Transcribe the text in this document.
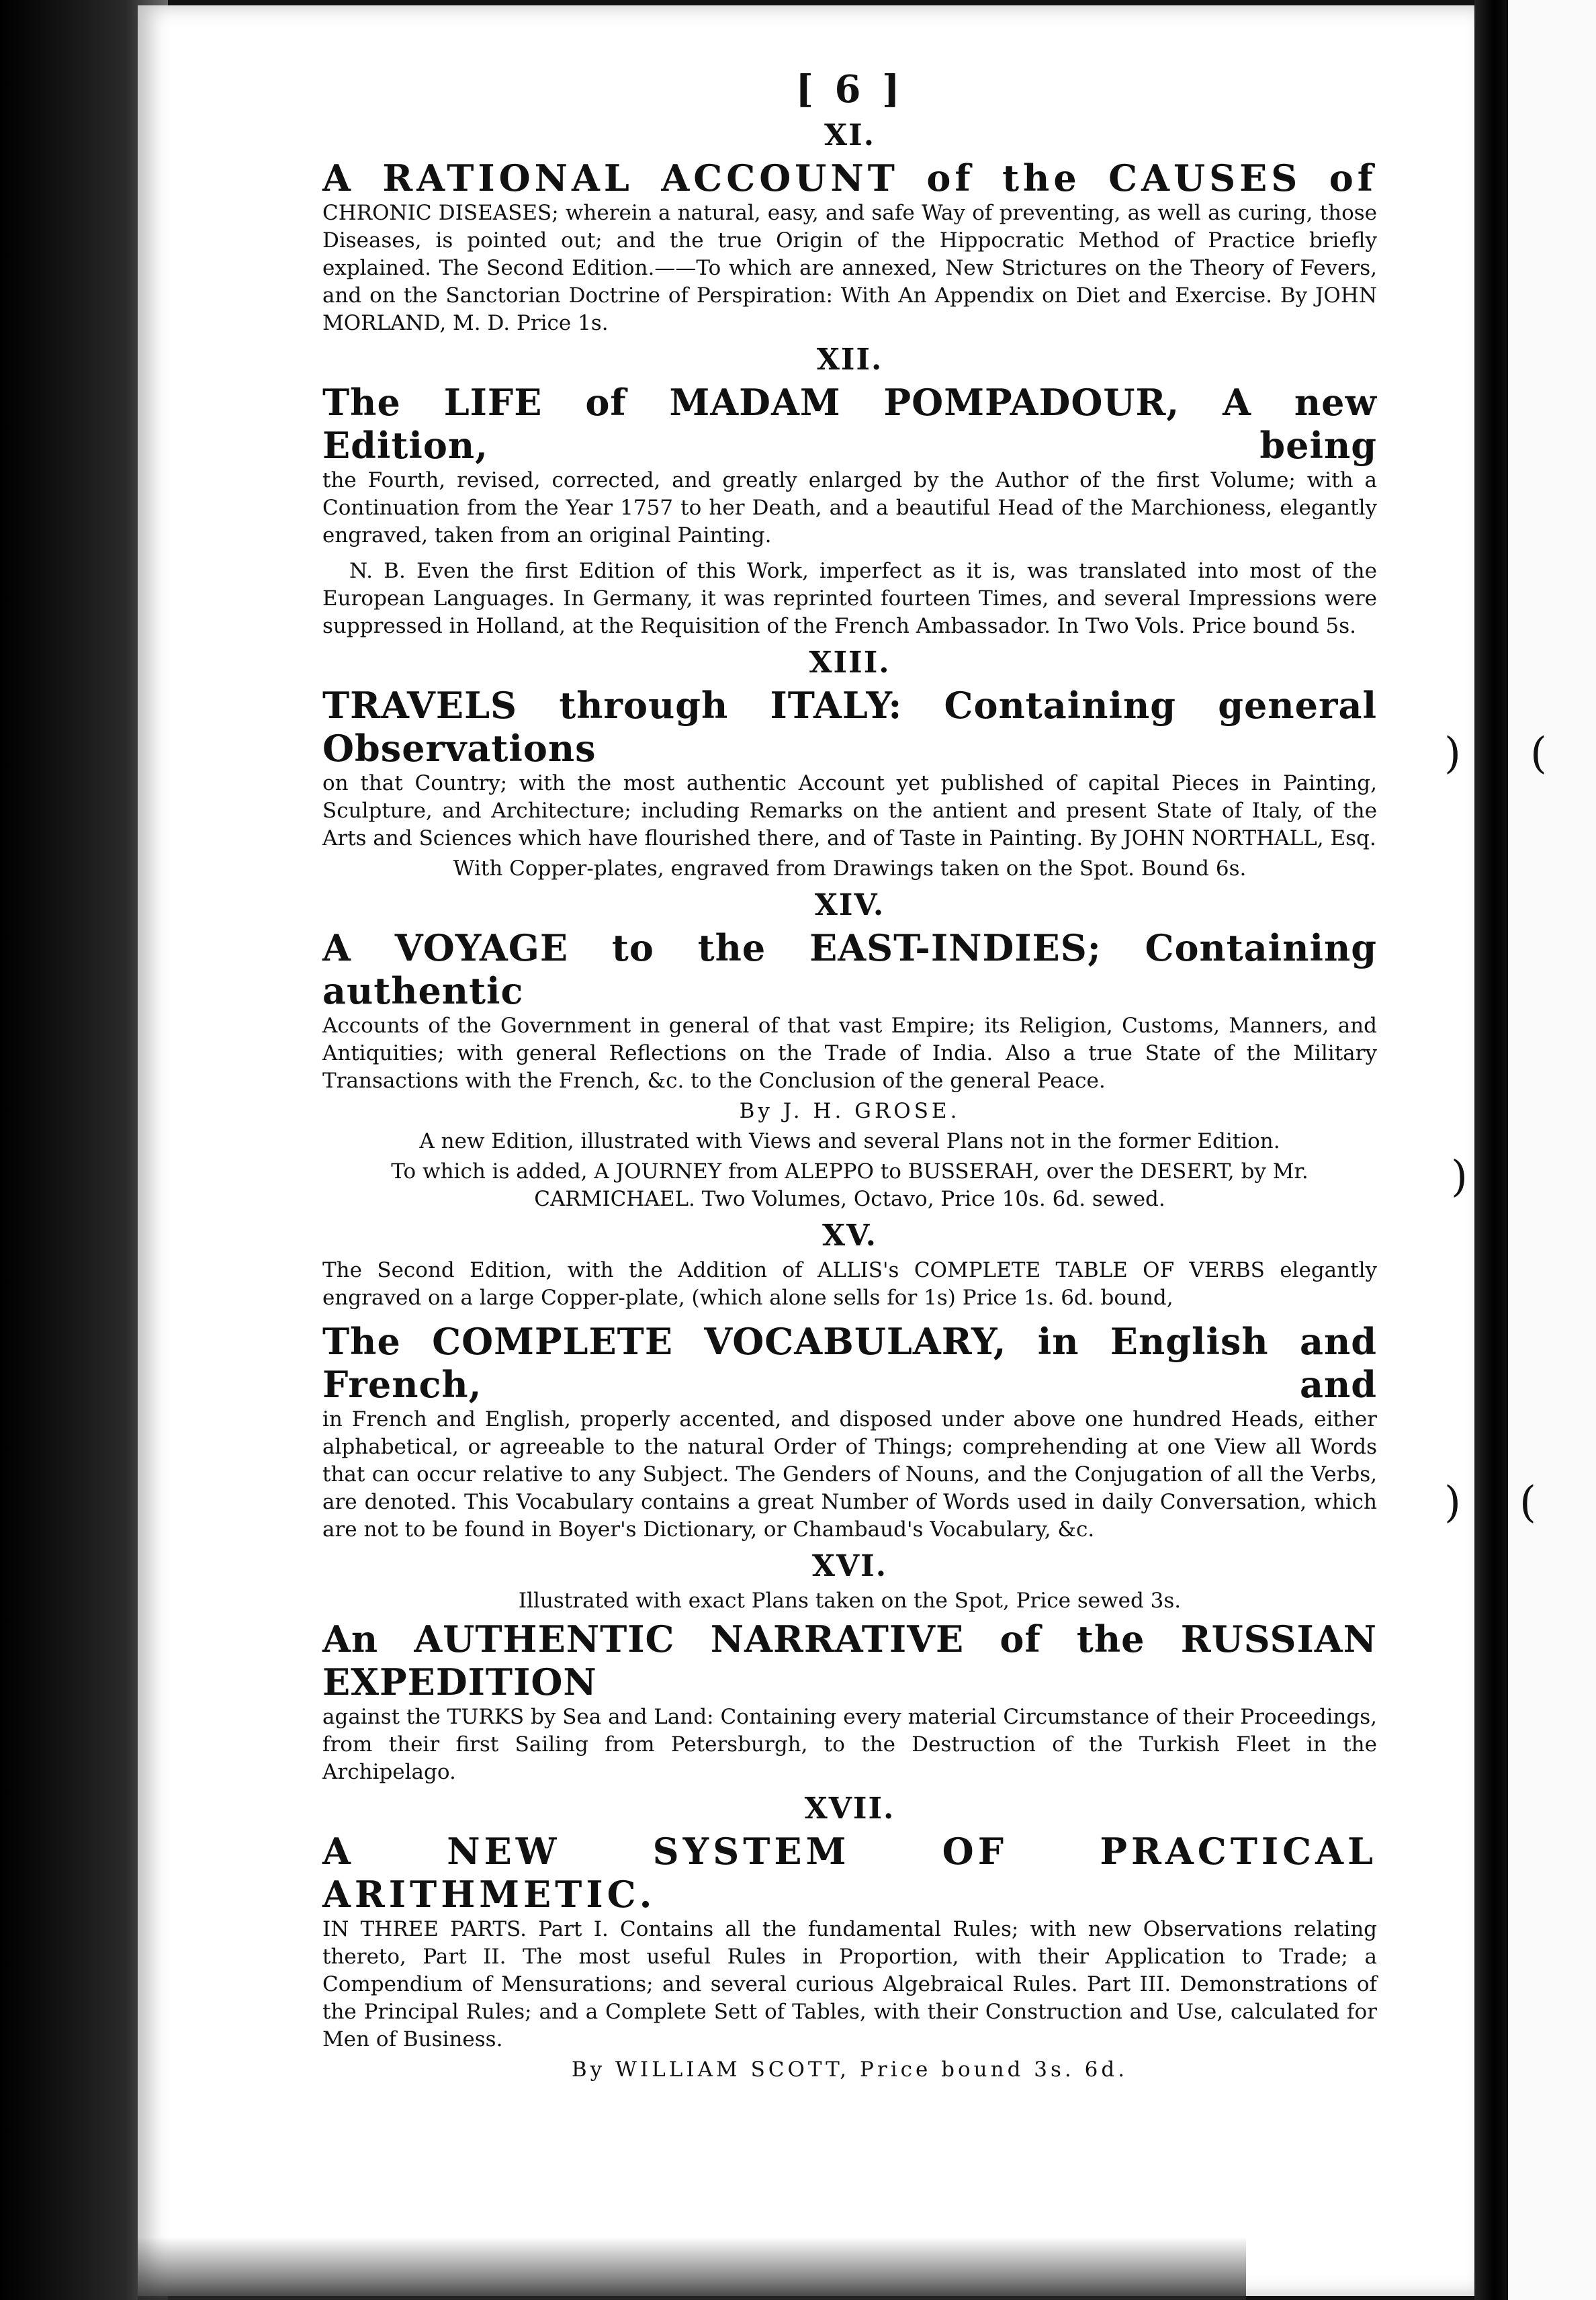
) (
)
) (
[ 6 ]
XI.

A RATIONAL ACCOUNT of the CAUSES of

CHRONIC DISEASES; wherein a natural, easy, and safe Way of preventing, as well as curing, those Diseases, is pointed out; and the true Origin of the Hippocratic Method of Practice briefly explained. The Second Edition.——To which are annexed, New Strictures on the Theory of Fevers, and on the Sanctorian Doctrine of Perspiration: With An Appendix on Diet and Exercise. By JOHN MORLAND, M. D. Price 1s.

XII.

The LIFE of MADAM POMPADOUR, A new Edition, being

the Fourth, revised, corrected, and greatly enlarged by the Author of the first Volume; with a Continuation from the Year 1757 to her Death, and a beautiful Head of the Marchioness, elegantly engraved, taken from an original Painting.

N. B. Even the first Edition of this Work, imperfect as it is, was translated into most of the European Languages. In Germany, it was reprinted fourteen Times, and several Impressions were suppressed in Holland, at the Requisition of the French Ambassador. In Two Vols. Price bound 5s.

XIII.

TRAVELS through ITALY: Containing general Observations

on that Country; with the most authentic Account yet published of capital Pieces in Painting, Sculpture, and Architecture; including Remarks on the antient and present State of Italy, of the Arts and Sciences which have flourished there, and of Taste in Painting. By JOHN NORTHALL, Esq.

With Copper-plates, engraved from Drawings taken on the Spot. Bound 6s.

XIV.

A VOYAGE to the EAST-INDIES; Containing authentic

Accounts of the Government in general of that vast Empire; its Religion, Customs, Manners, and Antiquities; with general Reflections on the Trade of India. Also a true State of the Military Transactions with the French, &c. to the Conclusion of the general Peace.

By J. H. GROSE.

A new Edition, illustrated with Views and several Plans not in the former Edition.

To which is added, A JOURNEY from ALEPPO to BUSSERAH, over the DESERT, by Mr. CARMICHAEL. Two Volumes, Octavo, Price 10s. 6d. sewed.

XV.

The Second Edition, with the Addition of ALLIS's COMPLETE TABLE OF VERBS elegantly engraved on a large Copper-plate, (which alone sells for 1s) Price 1s. 6d. bound,

The COMPLETE VOCABULARY, in English and French, and

in French and English, properly accented, and disposed under above one hundred Heads, either alphabetical, or agreeable to the natural Order of Things; comprehending at one View all Words that can occur relative to any Subject. The Genders of Nouns, and the Conjugation of all the Verbs, are denoted. This Vocabulary contains a great Number of Words used in daily Conversation, which are not to be found in Boyer's Dictionary, or Chambaud's Vocabulary, &c.

XVI.

Illustrated with exact Plans taken on the Spot, Price sewed 3s.

An AUTHENTIC NARRATIVE of the RUSSIAN EXPEDITION

against the TURKS by Sea and Land: Containing every material Circumstance of their Proceedings, from their first Sailing from Petersburgh, to the Destruction of the Turkish Fleet in the Archipelago.

XVII.

A NEW SYSTEM OF PRACTICAL ARITHMETIC.

IN THREE PARTS. Part I. Contains all the fundamental Rules; with new Observations relating thereto, Part II. The most useful Rules in Proportion, with their Application to Trade; a Compendium of Mensurations; and several curious Algebraical Rules. Part III. Demonstrations of the Principal Rules; and a Complete Sett of Tables, with their Construction and Use, calculated for Men of Business.

By WILLIAM SCOTT, Price bound 3s. 6d.
